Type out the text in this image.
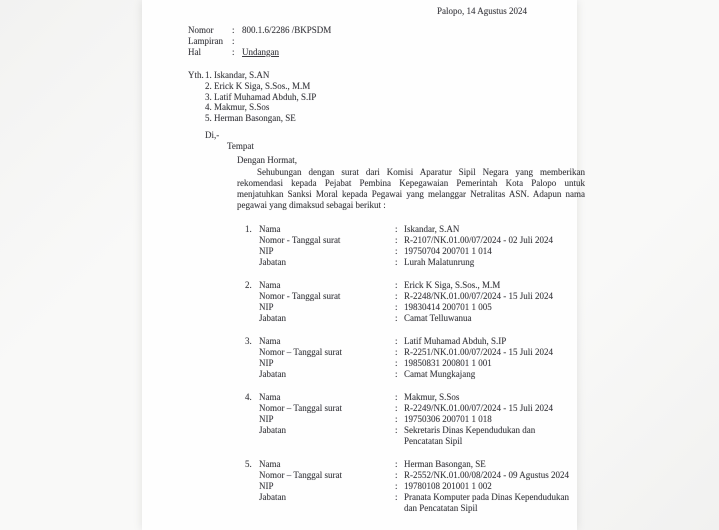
Palopo, 14 Agustus 2024
Nomor	: 800.1.6/2286 /BKPSDM
Lampiran	:
Hal	: Undangan
Yth. 1. Iskandar, S.AN
2. Erick K Siga, S.Sos., M.M
3. Latif Muhamad Abduh, S.IP
4. Makmur, S.Sos
5. Herman Basongan, SE
Di,-
Tempat
Dengan Hormat,

Sehubungan dengan surat dari Komisi Aparatur Sipil Negara yang memberikan rekomendasi kepada Pejabat Pembina Kepegawaian Pemerintah Kota Palopo untuk menjatuhkan Sanksi Moral kepada Pegawai yang melanggar Netralitas ASN. Adapun nama pegawai yang dimaksud sebagai berikut :

1. Nama	: Iskandar, S.AN
Nomor - Tanggal surat	: R-2107/NK.01.00/07/2024 - 02 Juli 2024
NIP	: 19750704 200701 1 014
Jabatan	: Lurah Malatunrung
2. Nama	: Erick K Siga, S.Sos., M.M
Nomor - Tanggal surat	: R-2248/NK.01.00/07/2024 - 15 Juli 2024
NIP	: 19830414 200701 1 005
Jabatan	: Camat Telluwanua
3. Nama	: Latif Muhamad Abduh, S.IP
Nomor – Tanggal surat	: R-2251/NK.01.00/07/2024 - 15 Juli 2024
NIP	: 19850831 200801 1 001
Jabatan	: Camat Mungkajang
4. Nama	: Makmur, S.Sos
Nomor – Tanggal surat	: R-2249/NK.01.00/07/2024 - 15 Juli 2024
NIP	: 19750306 200701 1 018
Jabatan	: Sekretaris Dinas Kependudukan dan Pencatatan Sipil
5. Nama	: Herman Basongan, SE
Nomor – Tanggal surat	: R-2552/NK.01.00/08/2024 - 09 Agustus 2024
NIP	: 19780108 201001 1 002
Jabatan	: Pranata Komputer pada Dinas Kependudukan dan Pencatatan Sipil
